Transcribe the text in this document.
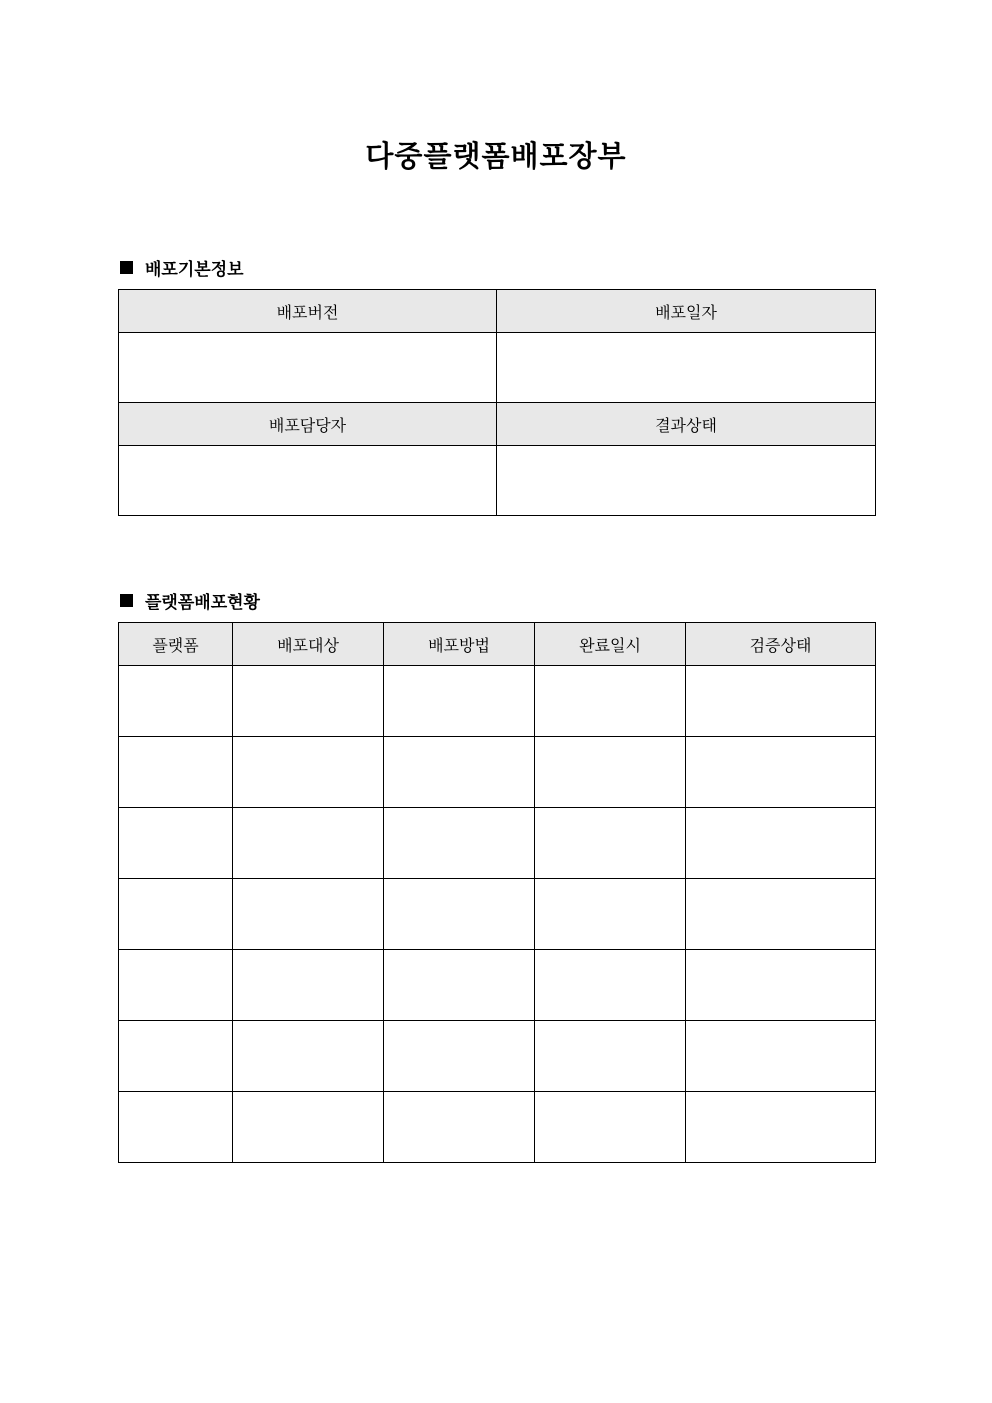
다중플랫폼배포장부
배포기본정보
배포버전	배포일자

배포담당자	결과상태

플랫폼배포현황
플랫폼	배포대상	배포방법	완료일시	검증상태
